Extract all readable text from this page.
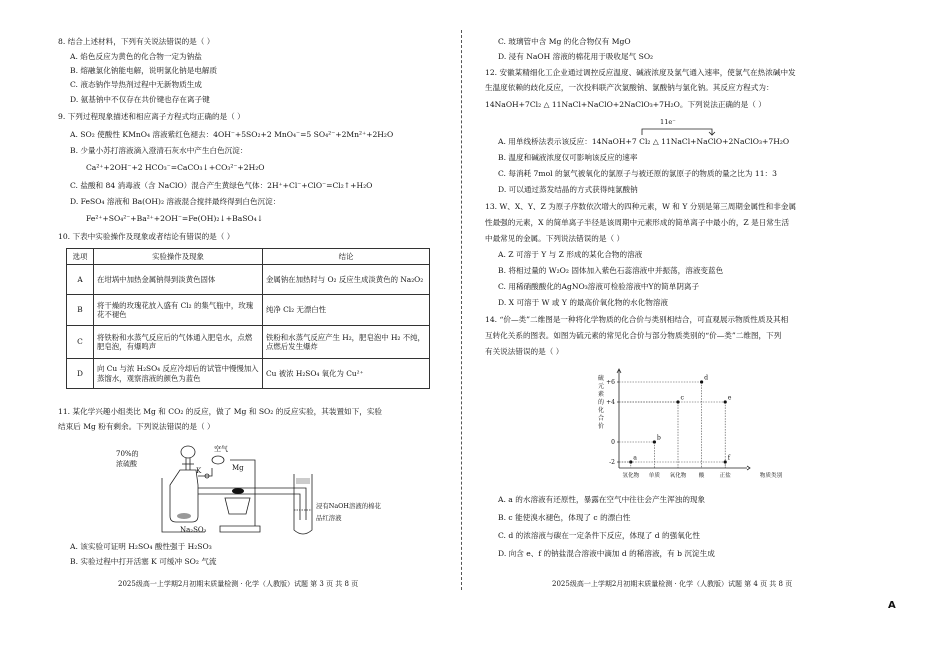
8. 结合上述材料，下列有关说法错误的是（ ）
A. 焰色反应为黄色的化合物一定为钠盐
B. 熔融氯化钠能电解，说明氯化钠是电解质
C. 液态钠作导热剂过程中无新物质生成
D. 氨基钠中不仅存在共价键也存在离子键
9. 下列过程现象描述和相应离子方程式均正确的是（ ）
A. SO₂ 使酸性 KMnO₄ 溶液紫红色褪去：4OH⁻+5SO₂+2 MnO₄⁻=5 SO₄²⁻+2Mn²⁺+2H₂O
B. 少量小苏打溶液滴入澄清石灰水中产生白色沉淀：
Ca²⁺+2OH⁻+2 HCO₃⁻=CaCO₃↓+CO₃²⁻+2H₂O
C. 盐酸和 84 消毒液（含 NaClO）混合产生黄绿色气体：2H⁺+Cl⁻+ClO⁻=Cl₂↑+H₂O
D. FeSO₄ 溶液和 Ba(OH)₂ 溶液混合搅拌最终得到白色沉淀：
Fe²⁺+SO₄²⁻+Ba²⁺+2OH⁻=Fe(OH)₂↓+BaSO₄↓
10. 下表中实验操作及现象或者结论有错误的是（ ）
选项	实验操作及现象	结论
A	在坩埚中加热金属钠得到淡黄色固体	金属钠在加热时与 O₂ 反应生成淡黄色的 Na₂O₂
B	将干燥的玫瑰花放入盛有 Cl₂ 的集气瓶中，玫瑰花不褪色	纯净 Cl₂ 无漂白性
C	将铁粉和水蒸气反应后的气体通入肥皂水，点燃肥皂泡，有爆鸣声	铁粉和水蒸气反应产生 H₂，肥皂泡中 H₂ 不纯，点燃后发生爆炸
D	向 Cu 与浓 H₂SO₄ 反应冷却后的试管中慢慢加入蒸馏水，观察溶液的颜色为蓝色	Cu 被浓 H₂SO₄ 氧化为 Cu²⁺
11. 某化学兴趣小组类比 Mg 和 CO₂ 的反应，做了 Mg 和 SO₂ 的反应实验，其装置如下，实验
结束后 Mg 粉有剩余。下列说法错误的是（ ）
70%的
浓硫酸
空气
K	Mg
Na₂SO₃
浸有NaOH溶液的棉花
品红溶液
A. 该实验可证明 H₂SO₄ 酸性强于 H₂SO₃
B. 实验过程中打开活塞 K 可缓冲 SO₂ 气流
2025级高一上学期2月初期末质量检测 · 化学（人教版）试题 第 3 页 共 8 页
C. 玻璃管中含 Mg 的化合物仅有 MgO
D. 浸有 NaOH 溶液的棉花用于吸收尾气 SO₂
12. 安徽某精细化工企业通过调控反应温度、碱液浓度及氯气通入速率，使氯气在热浓碱中发
生温度依赖的歧化反应，一次投料联产次氯酸钠、氯酸钠与氯化钠。其反应方程式为：
14NaOH+7Cl₂ △ 11NaCl+NaClO+2NaClO₃+7H₂O。下列说法正确的是（ ）
11e⁻
A. 用单线桥法表示该反应：14NaOH+7 Cl₂ △ 11NaCl+NaClO+2NaClO₃+7H₂O
B. 温度和碱液浓度仅可影响该反应的速率
C. 每消耗 7mol 的氯气被氧化的氯原子与被还原的氯原子的物质的量之比为 11：3
D. 可以通过蒸发结晶的方式获得纯氯酸钠
13. W、X、Y、Z 为原子序数依次增大的四种元素，W 和 Y 分别是第三周期金属性和非金属
性最强的元素，X 的简单离子半径是该周期中元素形成的简单离子中最小的，Z 是日常生活
中最常见的金属。下列说法错误的是（ ）
A. Z 可溶于 Y 与 Z 形成的某化合物的溶液
B. 将相过量的 W₂O₂ 固体加入紫色石蕊溶液中并振荡，溶液变蓝色
C. 用稀硝酸酸化的AgNO₃溶液可检验溶液中Y的简单阴离子
D. X 可溶于 W 或 Y 的最高价氧化物的水化物溶液
14. “价—类”二维图是一种将化学物质的化合价与类别相结合，可直观展示物质性质及其相
互转化关系的图表。如图为硫元素的常见化合价与部分物质类别的“价—类”二维图，下列
有关说法错误的是（ ）
硫
元
素
的
化
合
价
-2
0
+4
+6
氢化物 单质 氧化物 酸	正盐	物质类别
a
b
c
d
e
f
A. a 的水溶液有还原性，暴露在空气中往往会产生浑浊的现象
B. c 能使溴水褪色，体现了 c 的漂白性
C. d 的浓溶液与碳在一定条件下反应，体现了 d 的强氧化性
D. 向含 e、f 的钠盐混合溶液中滴加 d 的稀溶液，有 b 沉淀生成
2025级高一上学期2月初期末质量检测 · 化学（人教版）试题 第 4 页 共 8 页
A
